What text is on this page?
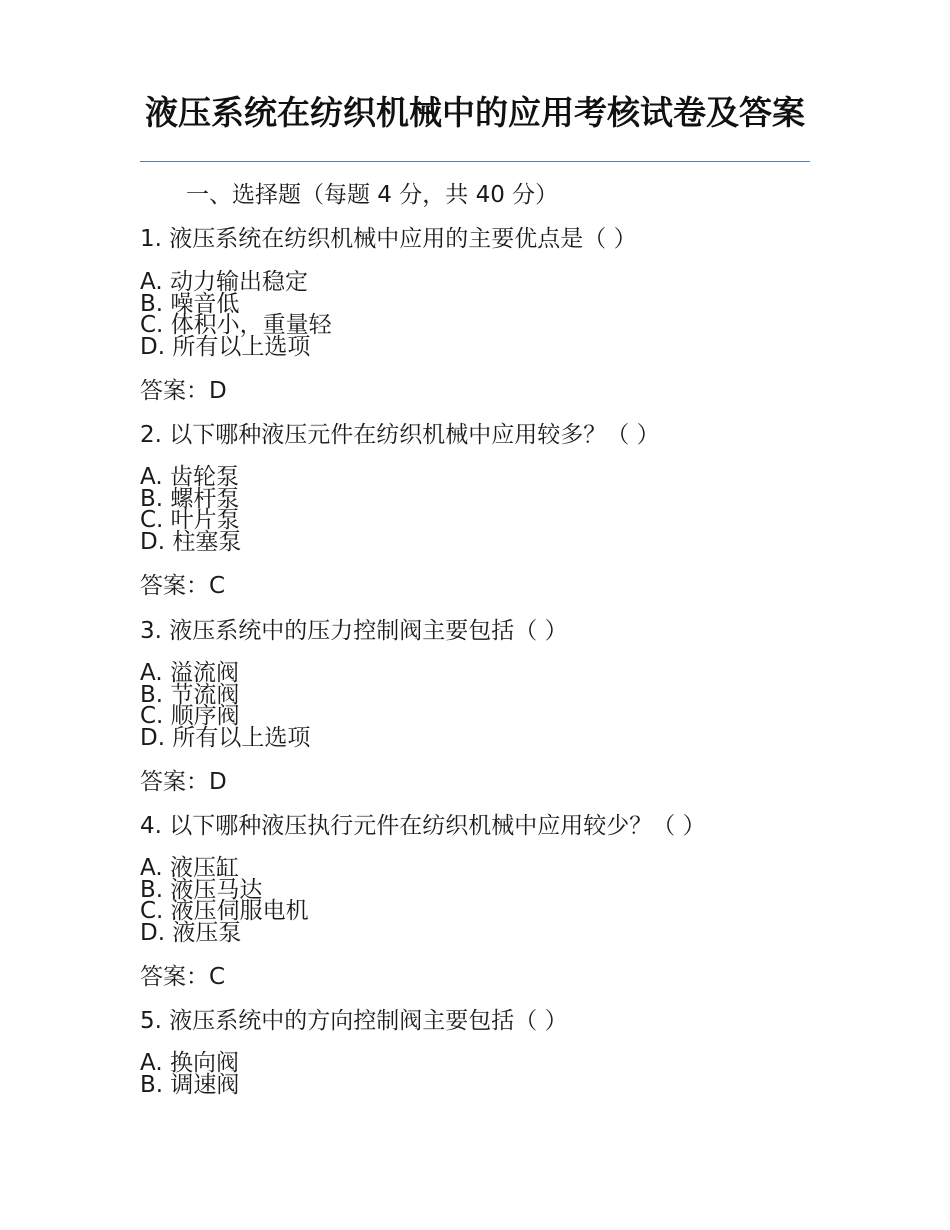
液压系统在纺织机械中的应用考核试卷及答案
一、选择题（每题 4 分，共 40 分）
1. 液压系统在纺织机械中应用的主要优点是（ ）
A. 动力输出稳定
B. 噪音低
C. 体积小，重量轻
D. 所有以上选项
答案：D
2. 以下哪种液压元件在纺织机械中应用较多？（ ）
A. 齿轮泵
B. 螺杆泵
C. 叶片泵
D. 柱塞泵
答案：C
3. 液压系统中的压力控制阀主要包括（ ）
A. 溢流阀
B. 节流阀
C. 顺序阀
D. 所有以上选项
答案：D
4. 以下哪种液压执行元件在纺织机械中应用较少？（ ）
A. 液压缸
B. 液压马达
C. 液压伺服电机
D. 液压泵
答案：C
5. 液压系统中的方向控制阀主要包括（ ）
A. 换向阀
B. 调速阀
